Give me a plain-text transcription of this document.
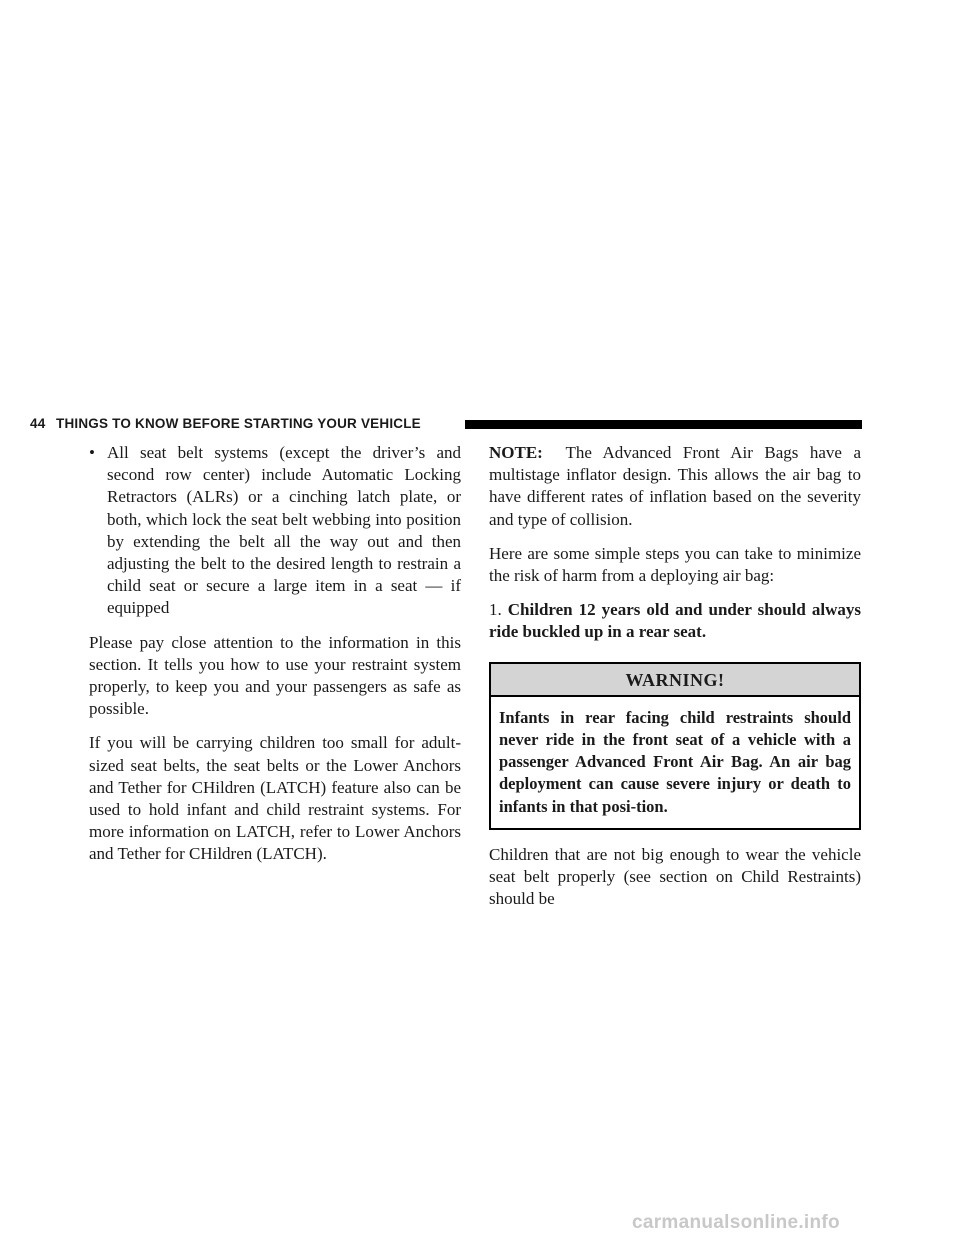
44 THINGS TO KNOW BEFORE STARTING YOUR VEHICLE
• All seat belt systems (except the driver’s and second row center) include Automatic Locking Retractors (ALRs) or a cinching latch plate, or both, which lock the seat belt webbing into position by extending the belt all the way out and then adjusting the belt to the desired length to restrain a child seat or secure a large item in a seat — if equipped

Please pay close attention to the information in this section. It tells you how to use your restraint system properly, to keep you and your passengers as safe as possible.

If you will be carrying children too small for adult-sized seat belts, the seat belts or the Lower Anchors and Tether for CHildren (LATCH) feature also can be used to hold infant and child restraint systems. For more information on LATCH, refer to Lower Anchors and Tether for CHildren (LATCH).

NOTE: The Advanced Front Air Bags have a multistage inflator design. This allows the air bag to have different rates of inflation based on the severity and type of collision.

Here are some simple steps you can take to minimize the risk of harm from a deploying air bag:

1. Children 12 years old and under should always ride buckled up in a rear seat.

WARNING!
Infants in rear facing child restraints should never ride in the front seat of a vehicle with a passenger Advanced Front Air Bag. An air bag deployment can cause severe injury or death to infants in that posi-tion.

Children that are not big enough to wear the vehicle seat belt properly (see section on Child Restraints) should be

carmanualsonline.info
